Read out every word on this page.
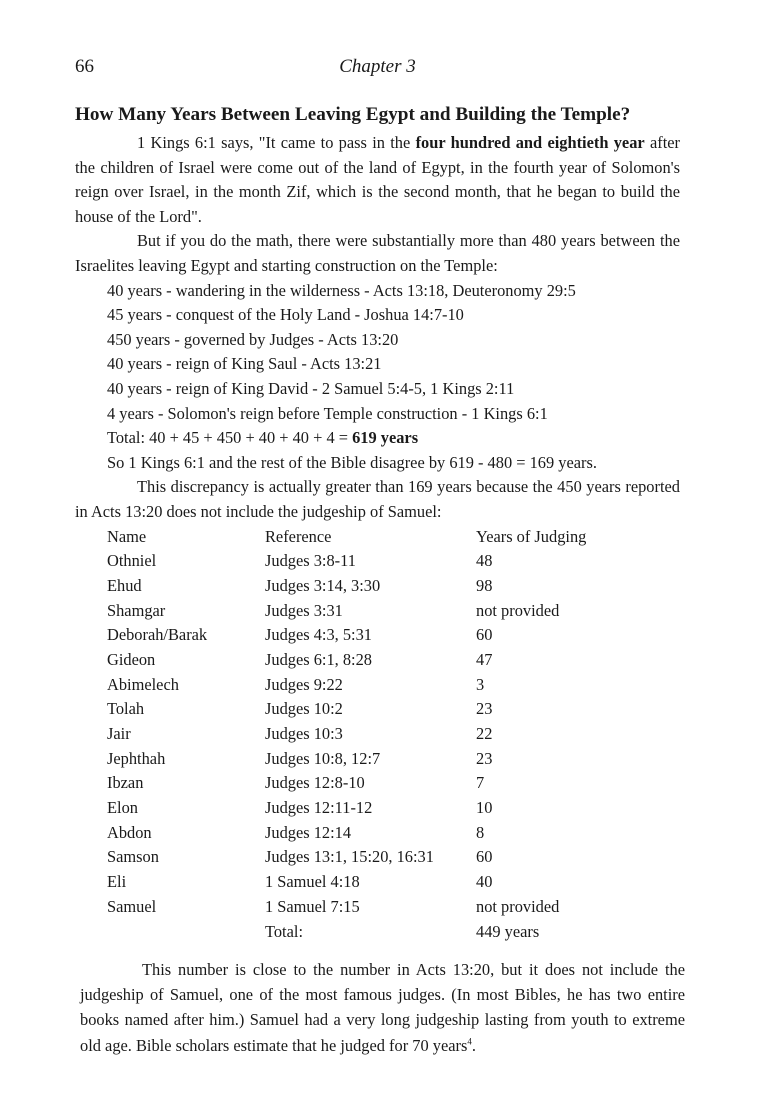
66	Chapter 3
How Many Years Between Leaving Egypt and Building the Temple?

1 Kings 6:1 says, "It came to pass in the four hundred and eightieth year after the children of Israel were come out of the land of Egypt, in the fourth year of Solomon's reign over Israel, in the month Zif, which is the second month, that he began to build the house of the Lord".

But if you do the math, there were substantially more than 480 years between the Israelites leaving Egypt and starting construction on the Temple:

40 years - wandering in the wilderness - Acts 13:18, Deuteronomy 29:5

45 years - conquest of the Holy Land - Joshua 14:7-10

450 years - governed by Judges - Acts 13:20

40 years - reign of King Saul - Acts 13:21

40 years - reign of King David - 2 Samuel 5:4-5, 1 Kings 2:11

4 years - Solomon's reign before Temple construction - 1 Kings 6:1

Total: 40 + 45 + 450 + 40 + 40 + 4 = 619 years

So 1 Kings 6:1 and the rest of the Bible disagree by 619 - 480 = 169 years.

This discrepancy is actually greater than 169 years because the 450 years reported in Acts 13:20 does not include the judgeship of Samuel:

Name	Reference	Years of Judging
Othniel	Judges 3:8-11	48
Ehud	Judges 3:14, 3:30	98
Shamgar	Judges 3:31	not provided
Deborah/Barak	Judges 4:3, 5:31	60
Gideon	Judges 6:1, 8:28	47
Abimelech	Judges 9:22	3
Tolah	Judges 10:2	23
Jair	Judges 10:3	22
Jephthah	Judges 10:8, 12:7	23
Ibzan	Judges 12:8-10	7
Elon	Judges 12:11-12	10
Abdon	Judges 12:14	8
Samson	Judges 13:1, 15:20, 16:31	60
Eli	1 Samuel 4:18	40
Samuel	1 Samuel 7:15	not provided
	Total:	449 years

This number is close to the number in Acts 13:20, but it does not include the judgeship of Samuel, one of the most famous judges. (In most Bibles, he has two entire books named after him.) Samuel had a very long judgeship lasting from youth to extreme old age. Bible scholars estimate that he judged for 70 years$^4$.
